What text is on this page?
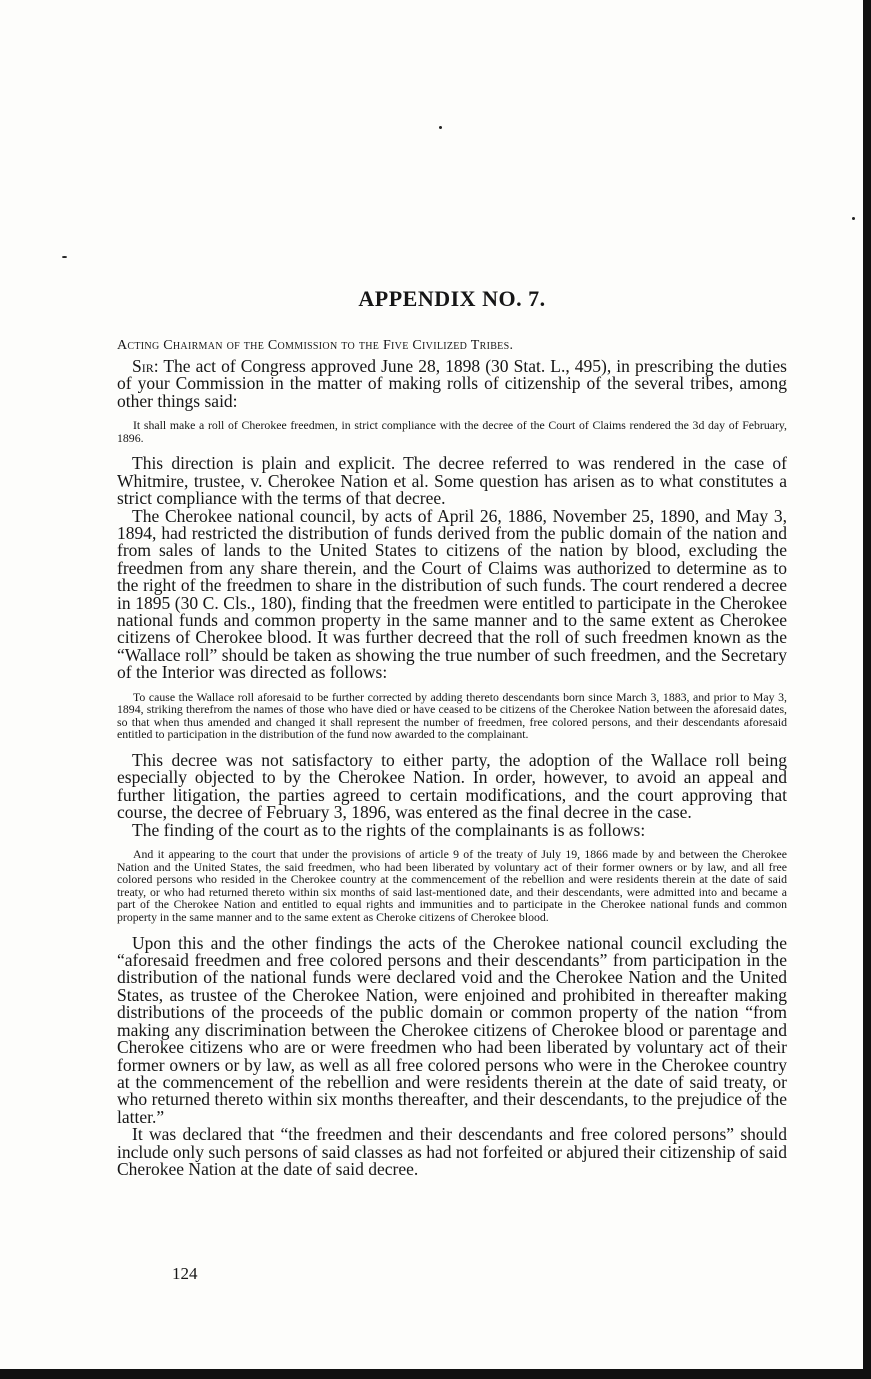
APPENDIX NO. 7.
Acting Chairman of the Commission to the Five Civilized Tribes.

Sir: The act of Congress approved June 28, 1898 (30 Stat. L., 495), in prescribing the duties of your Commission in the matter of making rolls of citizenship of the several tribes, among other things said:

It shall make a roll of Cherokee freedmen, in strict compliance with the decree of the Court of Claims rendered the 3d day of February, 1896.

This direction is plain and explicit. The decree referred to was rendered in the case of Whitmire, trustee, v. Cherokee Nation et al. Some question has arisen as to what constitutes a strict compliance with the terms of that decree.

The Cherokee national council, by acts of April 26, 1886, November 25, 1890, and May 3, 1894, had restricted the distribution of funds derived from the public domain of the nation and from sales of lands to the United States to citizens of the nation by blood, excluding the freedmen from any share therein, and the Court of Claims was authorized to determine as to the right of the freedmen to share in the distribution of such funds. The court rendered a decree in 1895 (30 C. Cls., 180), finding that the freedmen were entitled to participate in the Cherokee national funds and common property in the same manner and to the same extent as Cherokee citizens of Cherokee blood. It was further decreed that the roll of such freedmen known as the “Wallace roll” should be taken as showing the true number of such freedmen, and the Secretary of the Interior was directed as follows:

To cause the Wallace roll aforesaid to be further corrected by adding thereto descendants born since March 3, 1883, and prior to May 3, 1894, striking therefrom the names of those who have died or have ceased to be citizens of the Cherokee Nation between the aforesaid dates, so that when thus amended and changed it shall represent the number of freedmen, free colored persons, and their descendants aforesaid entitled to participation in the distribution of the fund now awarded to the complainant.

This decree was not satisfactory to either party, the adoption of the Wallace roll being especially objected to by the Cherokee Nation. In order, however, to avoid an appeal and further litigation, the parties agreed to certain modifications, and the court approving that course, the decree of February 3, 1896, was entered as the final decree in the case.

The finding of the court as to the rights of the complainants is as follows:

And it appearing to the court that under the provisions of article 9 of the treaty of July 19, 1866 made by and between the Cherokee Nation and the United States, the said freedmen, who had been liberated by voluntary act of their former owners or by law, and all free colored persons who resided in the Cherokee country at the commencement of the rebellion and were residents therein at the date of said treaty, or who had returned thereto within six months of said last-mentioned date, and their descendants, were admitted into and became a part of the Cherokee Nation and entitled to equal rights and immunities and to participate in the Cherokee national funds and common property in the same manner and to the same extent as Cheroke citizens of Cherokee blood.

Upon this and the other findings the acts of the Cherokee national council excluding the “aforesaid freedmen and free colored persons and their descendants” from participation in the distribution of the national funds were declared void and the Cherokee Nation and the United States, as trustee of the Cherokee Nation, were enjoined and prohibited in thereafter making distributions of the proceeds of the public domain or common property of the nation “from making any discrimination between the Cherokee citizens of Cherokee blood or parentage and Cherokee citizens who are or were freedmen who had been liberated by voluntary act of their former owners or by law, as well as all free colored persons who were in the Cherokee country at the commencement of the rebellion and were residents therein at the date of said treaty, or who returned thereto within six months thereafter, and their descendants, to the prejudice of the latter.”

It was declared that “the freedmen and their descendants and free colored persons” should include only such persons of said classes as had not forfeited or abjured their citizenship of said Cherokee Nation at the date of said decree.

124
